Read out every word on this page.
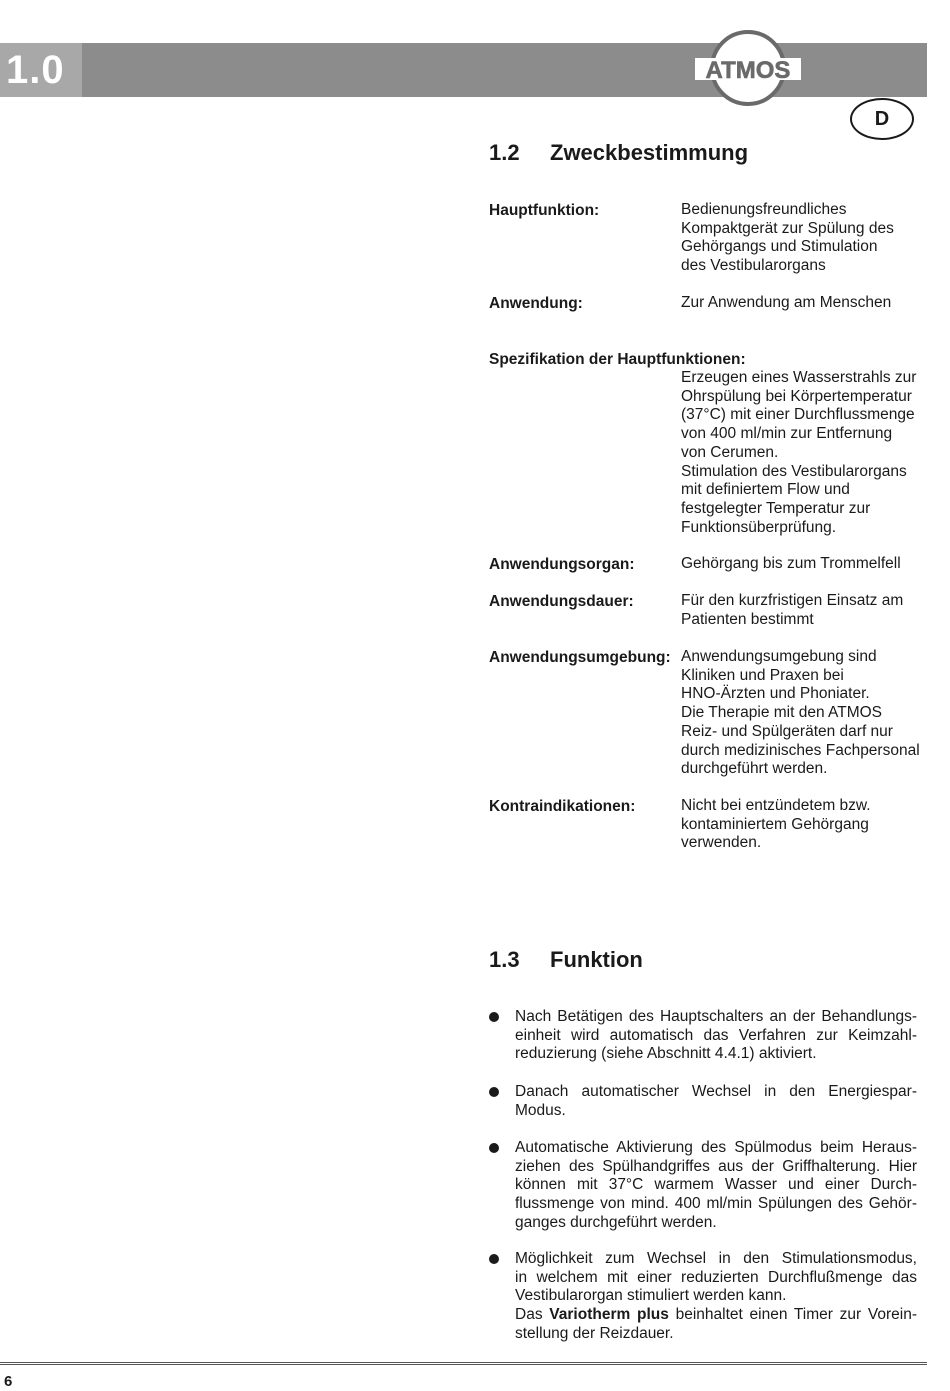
1.0	ATMOS
D
1.2 Zweckbestimmung
Hauptfunktion:	Bedienungsfreundliches
Kompaktgerät zur Spülung des
Gehörgangs und Stimulation
des Vestibularorgans
Anwendung:	Zur Anwendung am Menschen
Spezifikation der Hauptfunktionen:
Erzeugen eines Wasserstrahls zur
Ohrspülung bei Körpertemperatur
(37°C) mit einer Durchflussmenge
von 400 ml/min zur Entfernung
von Cerumen.
Stimulation des Vestibularorgans
mit definiertem Flow und
festgelegter Temperatur zur
Funktionsüberprüfung.
Anwendungsorgan:	Gehörgang bis zum Trommelfell
Anwendungsdauer:	Für den kurzfristigen Einsatz am
Patienten bestimmt
Anwendungsumgebung: Anwendungsumgebung sind
Kliniken und Praxen bei
HNO-Ärzten und Phoniater.
Die Therapie mit den ATMOS
Reiz- und Spülgeräten darf nur
durch medizinisches Fachpersonal
durchgeführt werden.
Kontraindikationen:	Nicht bei entzündetem bzw.
kontaminiertem Gehörgang
verwenden.
1.3 Funktion
Nach Betätigen des Hauptschalters an der Behandlungs-
einheit wird automatisch das Verfahren zur Keimzahl-
reduzierung (siehe Abschnitt 4.4.1) aktiviert.
Danach automatischer Wechsel in den Energiespar-
Modus.
Automatische Aktivierung des Spülmodus beim Heraus-
ziehen des Spülhandgriffes aus der Griffhalterung. Hier
können mit 37°C warmem Wasser und einer Durch-
flussmenge von mind. 400 ml/min Spülungen des Gehör-
ganges durchgeführt werden.
Möglichkeit zum Wechsel in den Stimulationsmodus,
in welchem mit einer reduzierten Durchflußmenge das
Vestibularorgan stimuliert werden kann.
Das Variotherm plus beinhaltet einen Timer zur Vorein-
stellung der Reizdauer.
6
